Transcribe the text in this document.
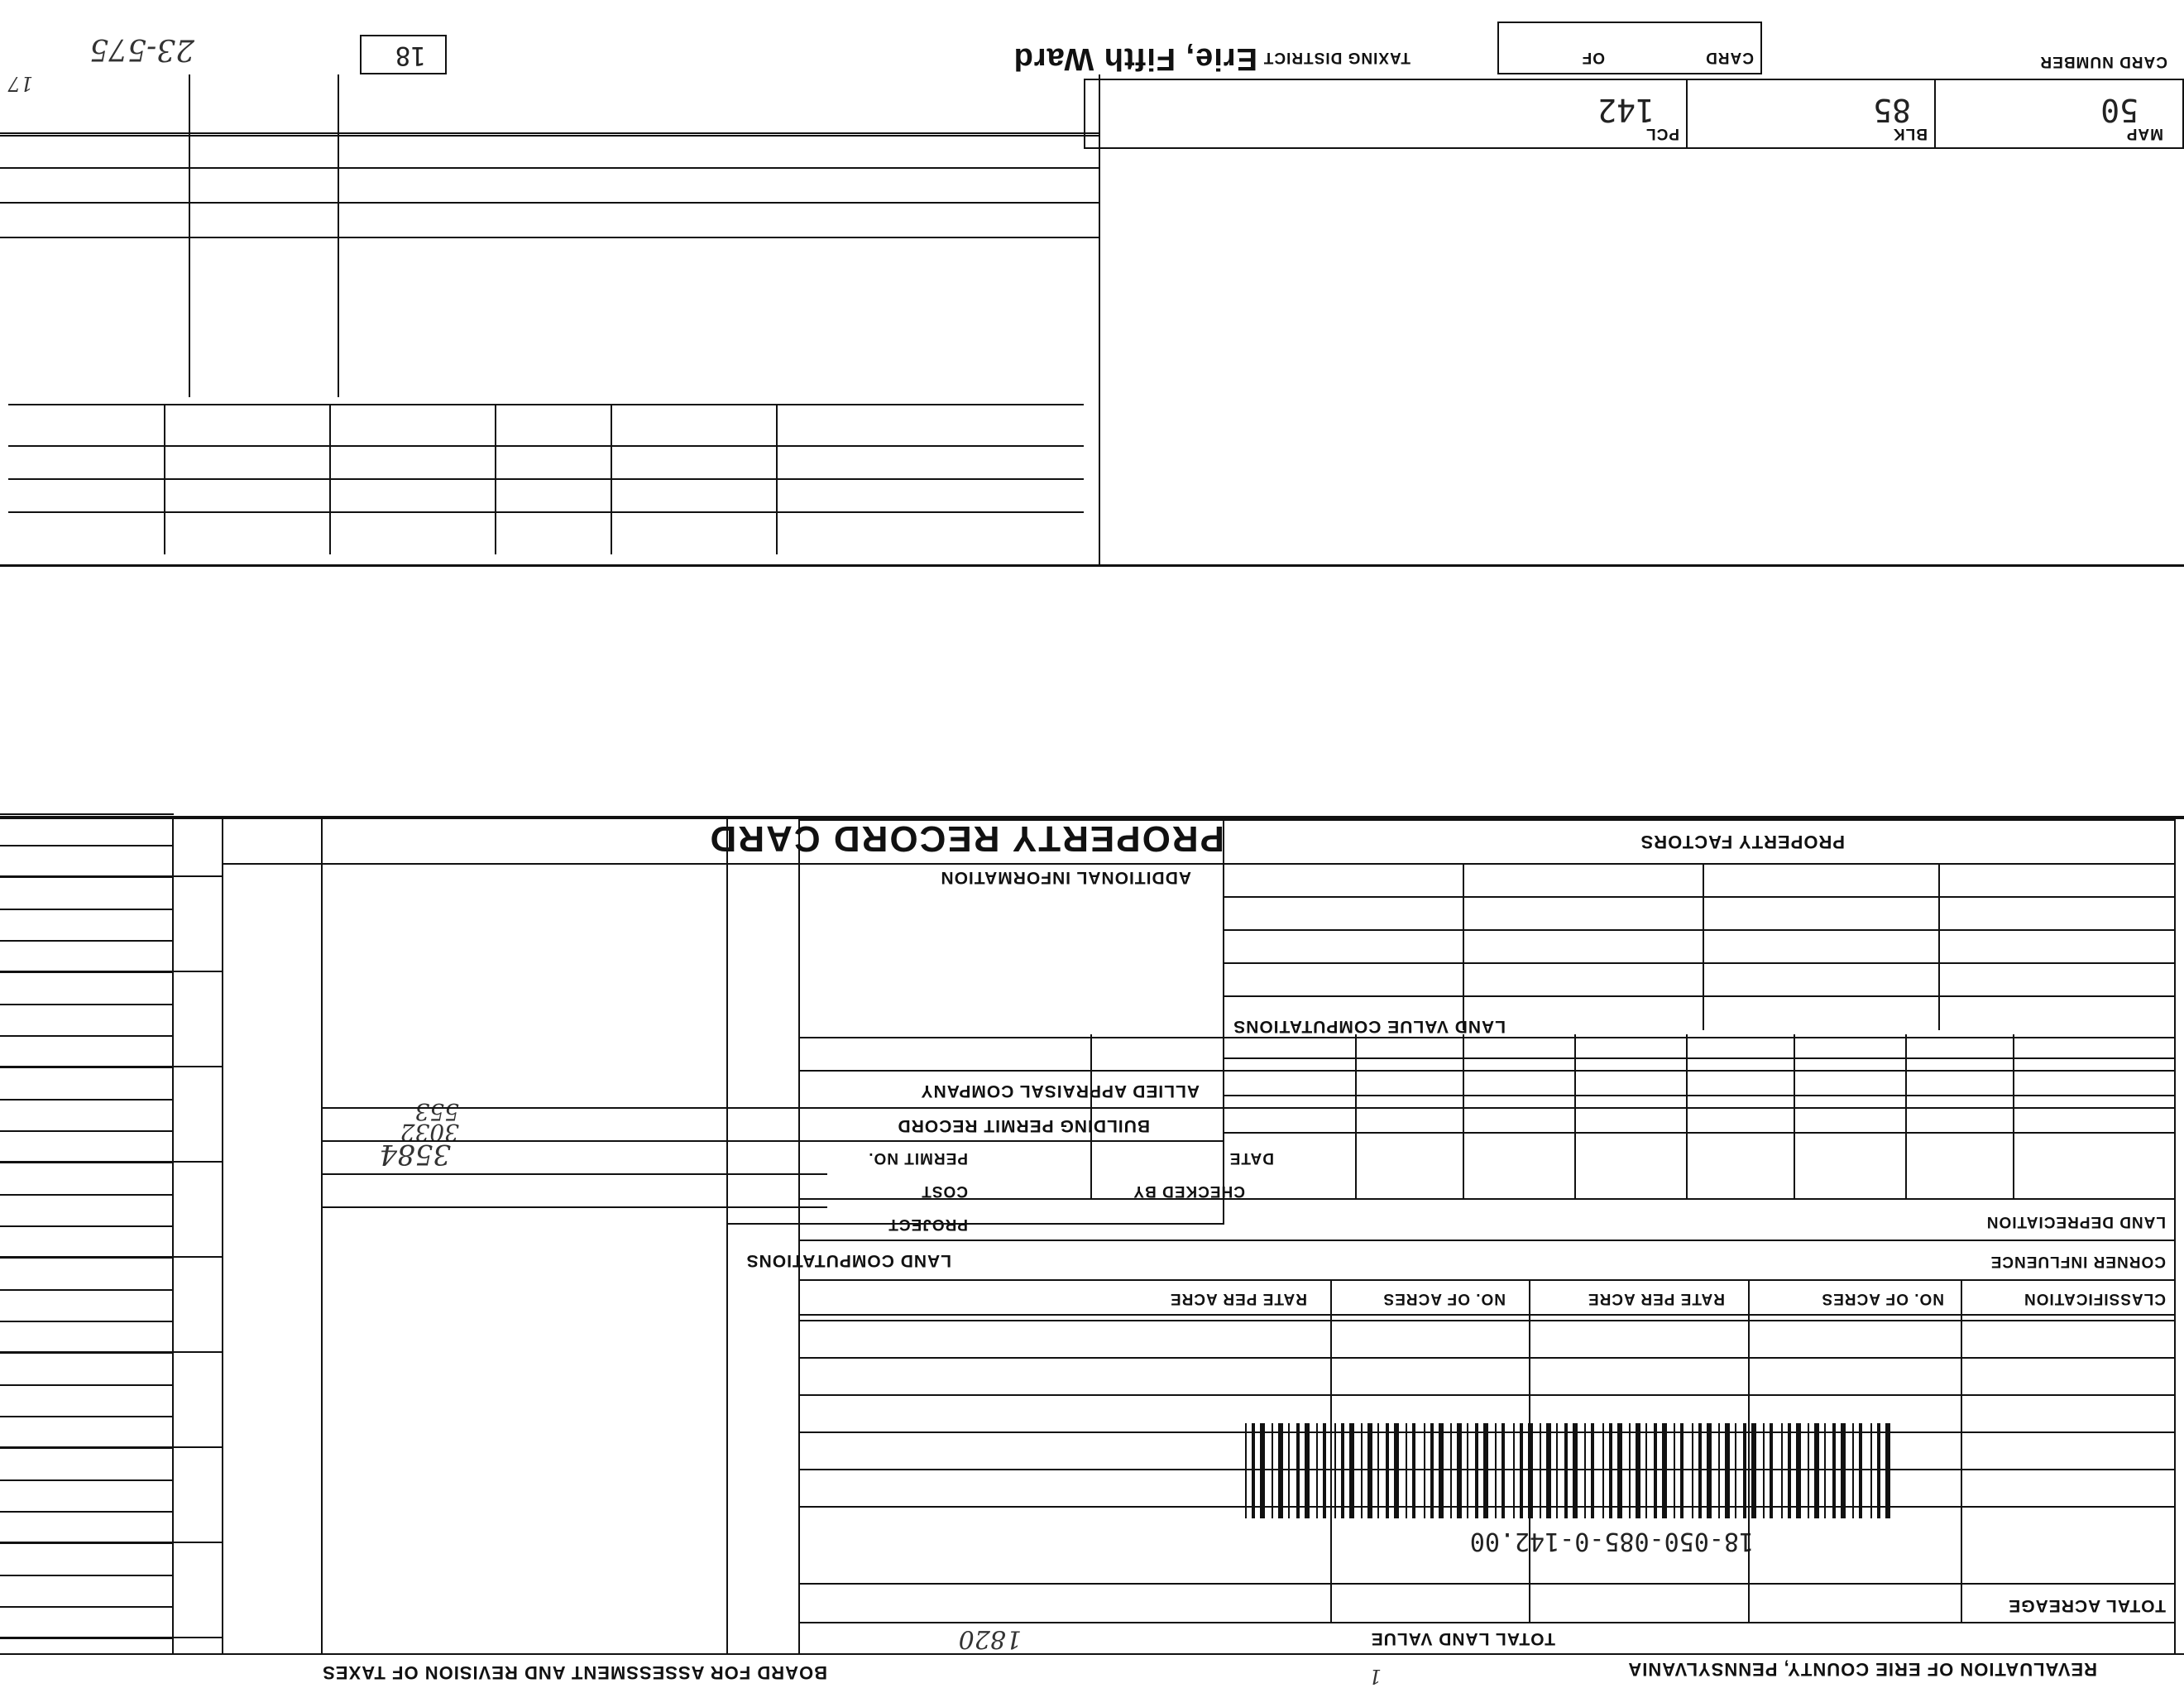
REVALUATION OF ERIE COUNTY, PENNSYLVANIA
BOARD FOR ASSESSMENT AND REVISION OF TAXES	1
TOTAL LAND VALUE
1820
TOTAL ACREAGE
18-050-085-0-142.00
CLASSIFICATION
NO. OF ACRES
RATE PER ACRE
NO. OF ACRES
RATE PER ACRE
CORNER INFLUENCE
LAND DEPRECIATION
LAND VALUE COMPUTATIONS
PROPERTY FACTORS
PROPERTY RECORD CARD
ADDITIONAL INFORMATION
ALLIED APPRAISAL COMPANY
BUILDING PERMIT RECORD
DATE
CHECKED BY
PERMIT NO.
COST
PROJECT
LAND COMPUTATIONS
3584
3032
553
MAP
50
BLK
85
PCL
142
CARD NUMBER
CARD
OF
TAXING DISTRICT
Erie, Fifth Ward
18
23-575
17
